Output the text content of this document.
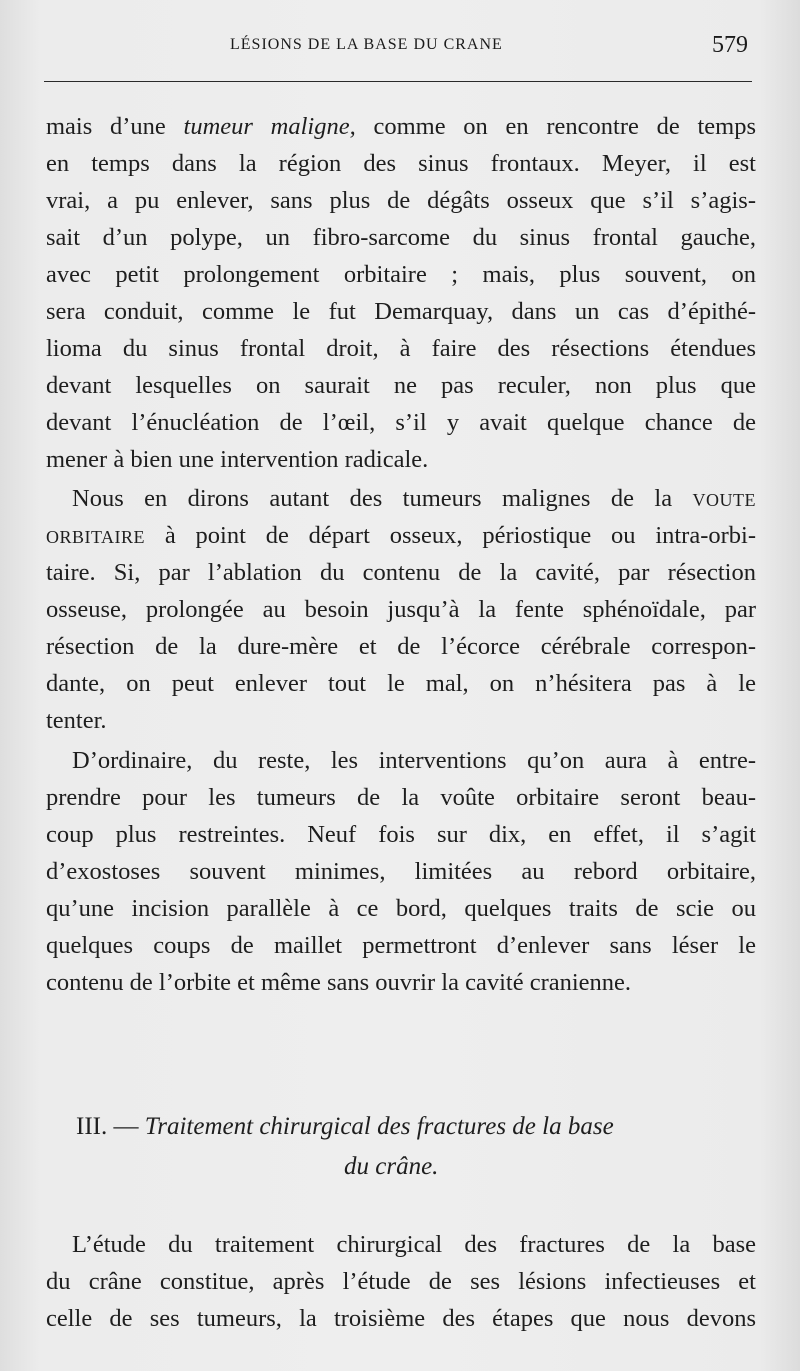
LÉSIONS DE LA BASE DU CRANE	579
mais d’une tumeur maligne, comme on en rencontre de temps
en temps dans la région des sinus frontaux. Meyer, il est
vrai, a pu enlever, sans plus de dégâts osseux que s’il s’agis-
sait d’un polype, un fibro-sarcome du sinus frontal gauche,
avec petit prolongement orbitaire ; mais, plus souvent, on
sera conduit, comme le fut Demarquay, dans un cas d’épithé-
lioma du sinus frontal droit, à faire des résections étendues
devant lesquelles on saurait ne pas reculer, non plus que
devant l’énucléation de l’œil, s’il y avait quelque chance de
mener à bien une intervention radicale.
Nous en dirons autant des tumeurs malignes de la VOUTE
ORBITAIRE à point de départ osseux, périostique ou intra-orbi-
taire. Si, par l’ablation du contenu de la cavité, par résection
osseuse, prolongée au besoin jusqu’à la fente sphénoïdale, par
résection de la dure-mère et de l’écorce cérébrale correspon-
dante, on peut enlever tout le mal, on n’hésitera pas à le
tenter.
D’ordinaire, du reste, les interventions qu’on aura à entre-
prendre pour les tumeurs de la voûte orbitaire seront beau-
coup plus restreintes. Neuf fois sur dix, en effet, il s’agit
d’exostoses souvent minimes, limitées au rebord orbitaire,
qu’une incision parallèle à ce bord, quelques traits de scie ou
quelques coups de maillet permettront d’enlever sans léser le
contenu de l’orbite et même sans ouvrir la cavité cranienne.
III. — Traitement chirurgical des fractures de la base
du crâne.
L’étude du traitement chirurgical des fractures de la base
du crâne constitue, après l’étude de ses lésions infectieuses et
celle de ses tumeurs, la troisième des étapes que nous devons
